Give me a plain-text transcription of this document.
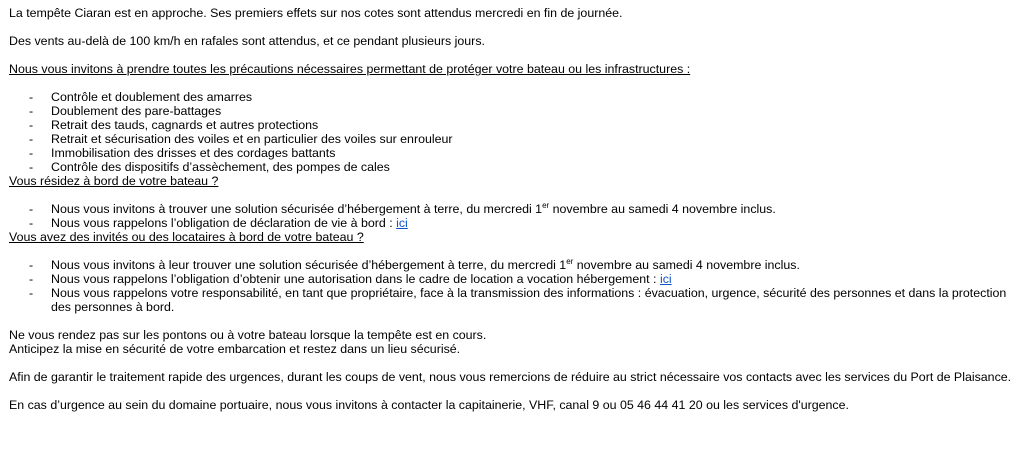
La tempête Ciaran est en approche. Ses premiers effets sur nos cotes sont attendus mercredi en fin de journée.

Des vents au-delà de 100 km/h en rafales sont attendus, et ce pendant plusieurs jours.

Nous vous invitons à prendre toutes les précautions nécessaires permettant de protéger votre bateau ou les infrastructures :

- Contrôle et doublement des amarres
- Doublement des pare-battages
- Retrait des tauds, cagnards et autres protections
- Retrait et sécurisation des voiles et en particulier des voiles sur enrouleur
- Immobilisation des drisses et des cordages battants
- Contrôle des dispositifs d’assèchement, des pompes de cales

Vous résidez à bord de votre bateau ?

- Nous vous invitons à trouver une solution sécurisée d’hébergement à terre, du mercredi 1er novembre au samedi 4 novembre inclus.
- Nous vous rappelons l’obligation de déclaration de vie à bord : ici

Vous avez des invités ou des locataires à bord de votre bateau ?

- Nous vous invitons à leur trouver une solution sécurisée d’hébergement à terre, du mercredi 1er novembre au samedi 4 novembre inclus.
- Nous vous rappelons l’obligation d’obtenir une autorisation dans le cadre de location a vocation hébergement : ici
- Nous vous rappelons votre responsabilité, en tant que propriétaire, face à la transmission des informations : évacuation, urgence, sécurité des personnes et dans la protection des personnes à bord.

Ne vous rendez pas sur les pontons ou à votre bateau lorsque la tempête est en cours.

Anticipez la mise en sécurité de votre embarcation et restez dans un lieu sécurisé.

Afin de garantir le traitement rapide des urgences, durant les coups de vent, nous vous remercions de réduire au strict nécessaire vos contacts avec les services du Port de Plaisance.

En cas d’urgence au sein du domaine portuaire, nous vous invitons à contacter la capitainerie, VHF, canal 9 ou 05 46 44 41 20 ou les services d'urgence.
